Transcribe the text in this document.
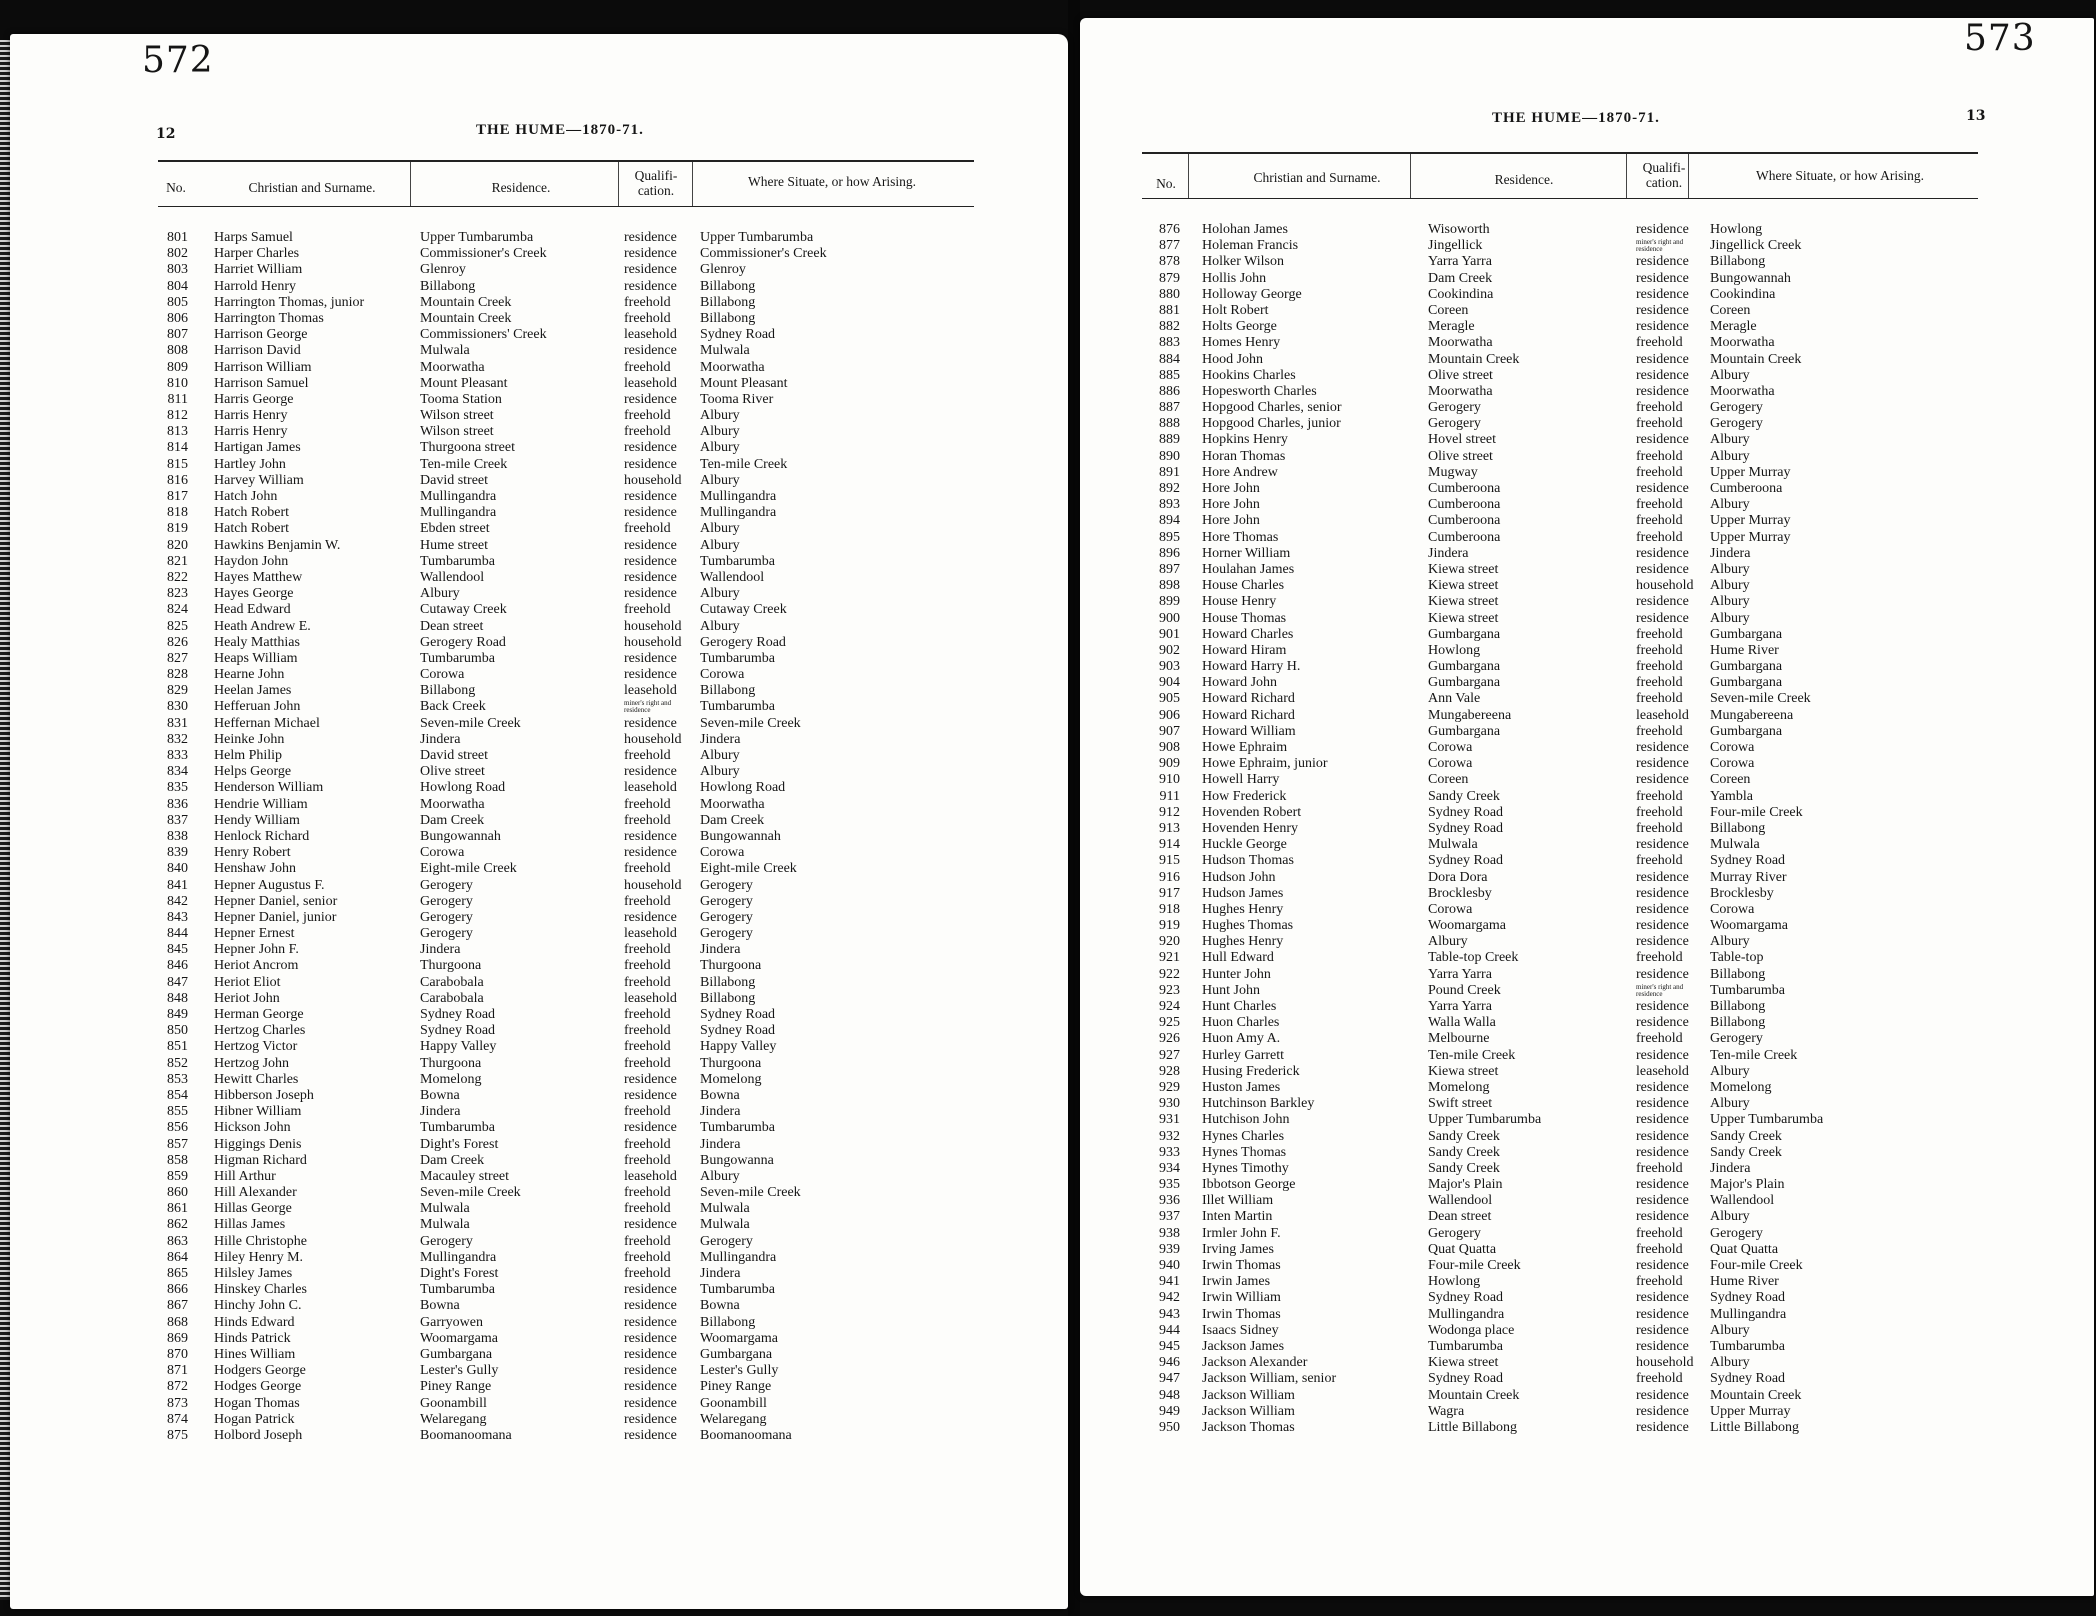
572
12	THE HUME—1870-71.
No.	Christian and Surname.	Residence.
Qualifi-
cation.
Where Situate, or how Arising.
801 Harps Samuel	Upper Tumbarumba	residence Upper Tumbarumba
802 Harper Charles	Commissioner's Creek	residence Commissioner's Creek
803 Harriet William	Glenroy	residence Glenroy
804 Harrold Henry	Billabong	residence Billabong
805 Harrington Thomas, junior	Mountain Creek	freehold Billabong
806 Harrington Thomas	Mountain Creek	freehold Billabong
807 Harrison George	Commissioners' Creek	leasehold Sydney Road
808 Harrison David	Mulwala	residence Mulwala
809 Harrison William	Moorwatha	freehold Moorwatha
810 Harrison Samuel	Mount Pleasant	leasehold Mount Pleasant
811 Harris George	Tooma Station	residence Tooma River
812 Harris Henry	Wilson street	freehold Albury
813 Harris Henry	Wilson street	freehold Albury
814 Hartigan James	Thurgoona street	residence Albury
815 Hartley John	Ten-mile Creek	residence Ten-mile Creek
816 Harvey William	David street	household Albury
817 Hatch John	Mullingandra	residence Mullingandra
818 Hatch Robert	Mullingandra	residence Mullingandra
819 Hatch Robert	Ebden street	freehold Albury
820 Hawkins Benjamin W.	Hume street	residence Albury
821 Haydon John	Tumbarumba	residence Tumbarumba
822 Hayes Matthew	Wallendool	residence Wallendool
823 Hayes George	Albury	residence Albury
824 Head Edward	Cutaway Creek	freehold Cutaway Creek
825 Heath Andrew E.	Dean street	household Albury
826 Healy Matthias	Gerogery Road	household Gerogery Road
827 Heaps William	Tumbarumba	residence Tumbarumba
828 Hearne John	Corowa	residence Corowa
829 Heelan James	Billabong	leasehold Billabong
830 Hefferuan John	Back Creek	miner's right and residence	Tumbarumba
831 Heffernan Michael	Seven-mile Creek	residence Seven-mile Creek
832 Heinke John	Jindera	household Jindera
833 Helm Philip	David street	freehold Albury
834 Helps George	Olive street	residence Albury
835 Henderson William	Howlong Road	leasehold Howlong Road
836 Hendrie William	Moorwatha	freehold Moorwatha
837 Hendy William	Dam Creek	freehold Dam Creek
838 Henlock Richard	Bungowannah	residence Bungowannah
839 Henry Robert	Corowa	residence Corowa
840 Henshaw John	Eight-mile Creek	freehold Eight-mile Creek
841 Hepner Augustus F.	Gerogery	household Gerogery
842 Hepner Daniel, senior	Gerogery	freehold Gerogery
843 Hepner Daniel, junior	Gerogery	residence Gerogery
844 Hepner Ernest	Gerogery	leasehold Gerogery
845 Hepner John F.	Jindera	freehold Jindera
846 Heriot Ancrom	Thurgoona	freehold Thurgoona
847 Heriot Eliot	Carabobala	freehold Billabong
848 Heriot John	Carabobala	leasehold Billabong
849 Herman George	Sydney Road	freehold Sydney Road
850 Hertzog Charles	Sydney Road	freehold Sydney Road
851 Hertzog Victor	Happy Valley	freehold Happy Valley
852 Hertzog John	Thurgoona	freehold Thurgoona
853 Hewitt Charles	Momelong	residence Momelong
854 Hibberson Joseph	Bowna	residence Bowna
855 Hibner William	Jindera	freehold Jindera
856 Hickson John	Tumbarumba	residence Tumbarumba
857 Higgings Denis	Dight's Forest	freehold Jindera
858 Higman Richard	Dam Creek	freehold Bungowanna
859 Hill Arthur	Macauley street	leasehold Albury
860 Hill Alexander	Seven-mile Creek	freehold Seven-mile Creek
861 Hillas George	Mulwala	freehold Mulwala
862 Hillas James	Mulwala	residence Mulwala
863 Hille Christophe	Gerogery	freehold Gerogery
864 Hiley Henry M.	Mullingandra	freehold Mullingandra
865 Hilsley James	Dight's Forest	freehold Jindera
866 Hinskey Charles	Tumbarumba	residence Tumbarumba
867 Hinchy John C.	Bowna	residence Bowna
868 Hinds Edward	Garryowen	residence Billabong
869 Hinds Patrick	Woomargama	residence Woomargama
870 Hines William	Gumbargana	residence Gumbargana
871 Hodgers George	Lester's Gully	residence Lester's Gully
872 Hodges George	Piney Range	residence Piney Range
873 Hogan Thomas	Goonambill	residence Goonambill
874 Hogan Patrick	Welaregang	residence Welaregang
875 Holbord Joseph	Boomanoomana	residence Boomanoomana
573
13
THE HUME—1870-71.
No.	Christian and Surname.	Residence.
Qualifi-
cation.	Where Situate, or how Arising.
876 Holohan James	Wisoworth	residence Howlong
877 Holeman Francis	Jingellick	miner's right and residence	Jingellick Creek
878 Holker Wilson	Yarra Yarra	residence Billabong
879 Hollis John	Dam Creek	residence Bungowannah
880 Holloway George	Cookindina	residence Cookindina
881 Holt Robert	Coreen	residence Coreen
882 Holts George	Meragle	residence Meragle
883 Homes Henry	Moorwatha	freehold Moorwatha
884 Hood John	Mountain Creek	residence Mountain Creek
885 Hookins Charles	Olive street	residence Albury
886 Hopesworth Charles	Moorwatha	residence Moorwatha
887 Hopgood Charles, senior	Gerogery	freehold Gerogery
888 Hopgood Charles, junior	Gerogery	freehold Gerogery
889 Hopkins Henry	Hovel street	residence Albury
890 Horan Thomas	Olive street	freehold Albury
891 Hore Andrew	Mugway	freehold Upper Murray
892 Hore John	Cumberoona	residence Cumberoona
893 Hore John	Cumberoona	freehold Albury
894 Hore John	Cumberoona	freehold Upper Murray
895 Hore Thomas	Cumberoona	freehold Upper Murray
896 Horner William	Jindera	residence Jindera
897 Houlahan James	Kiewa street	residence Albury
898 House Charles	Kiewa street	household Albury
899 House Henry	Kiewa street	residence Albury
900 House Thomas	Kiewa street	residence Albury
901 Howard Charles	Gumbargana	freehold Gumbargana
902 Howard Hiram	Howlong	freehold Hume River
903 Howard Harry H.	Gumbargana	freehold Gumbargana
904 Howard John	Gumbargana	freehold Gumbargana
905 Howard Richard	Ann Vale	freehold Seven-mile Creek
906 Howard Richard	Mungabereena	leasehold Mungabereena
907 Howard William	Gumbargana	freehold Gumbargana
908 Howe Ephraim	Corowa	residence Corowa
909 Howe Ephraim, junior	Corowa	residence Corowa
910 Howell Harry	Coreen	residence Coreen
911 How Frederick	Sandy Creek	freehold Yambla
912 Hovenden Robert	Sydney Road	freehold Four-mile Creek
913 Hovenden Henry	Sydney Road	freehold Billabong
914 Huckle George	Mulwala	residence Mulwala
915 Hudson Thomas	Sydney Road	freehold Sydney Road
916 Hudson John	Dora Dora	residence Murray River
917 Hudson James	Brocklesby	residence Brocklesby
918 Hughes Henry	Corowa	residence Corowa
919 Hughes Thomas	Woomargama	residence Woomargama
920 Hughes Henry	Albury	residence Albury
921 Hull Edward	Table-top Creek	freehold Table-top
922 Hunter John	Yarra Yarra	residence Billabong
923 Hunt John	Pound Creek	miner's right and residence	Tumbarumba
924 Hunt Charles	Yarra Yarra	residence Billabong
925 Huon Charles	Walla Walla	residence Billabong
926 Huon Amy A.	Melbourne	freehold Gerogery
927 Hurley Garrett	Ten-mile Creek	residence Ten-mile Creek
928 Husing Frederick	Kiewa street	leasehold Albury
929 Huston James	Momelong	residence Momelong
930 Hutchinson Barkley	Swift street	residence Albury
931 Hutchison John	Upper Tumbarumba	residence Upper Tumbarumba
932 Hynes Charles	Sandy Creek	residence Sandy Creek
933 Hynes Thomas	Sandy Creek	residence Sandy Creek
934 Hynes Timothy	Sandy Creek	freehold Jindera
935 Ibbotson George	Major's Plain	residence Major's Plain
936 Illet William	Wallendool	residence Wallendool
937 Inten Martin	Dean street	residence Albury
938 Irmler John F.	Gerogery	freehold Gerogery
939 Irving James	Quat Quatta	freehold Quat Quatta
940 Irwin Thomas	Four-mile Creek	residence Four-mile Creek
941 Irwin James	Howlong	freehold Hume River
942 Irwin William	Sydney Road	residence Sydney Road
943 Irwin Thomas	Mullingandra	residence Mullingandra
944 Isaacs Sidney	Wodonga place	residence Albury
945 Jackson James	Tumbarumba	residence Tumbarumba
946 Jackson Alexander	Kiewa street	household Albury
947 Jackson William, senior	Sydney Road	freehold Sydney Road
948 Jackson William	Mountain Creek	residence Mountain Creek
949 Jackson William	Wagra	residence Upper Murray
950 Jackson Thomas	Little Billabong	residence Little Billabong
